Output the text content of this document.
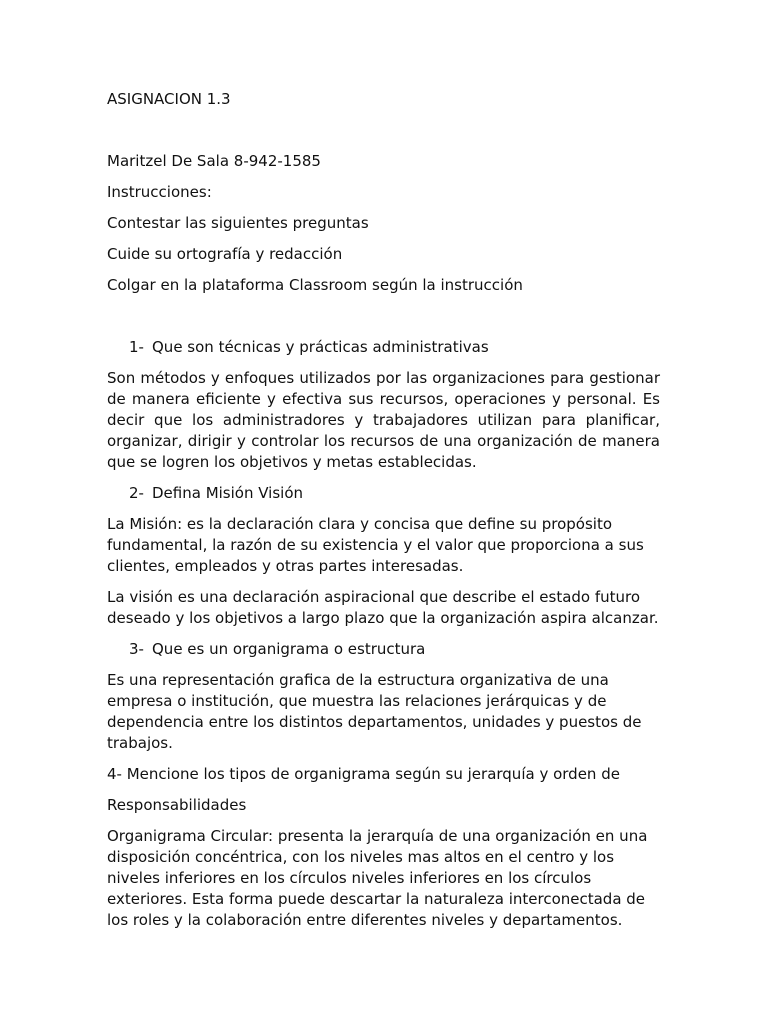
ASIGNACION 1.3

Maritzel De Sala 8-942-1585

Instrucciones:

Contestar las siguientes preguntas

Cuide su ortografía y redacción

Colgar en la plataforma Classroom según la instrucción

1- Que son técnicas y prácticas administrativas

Son métodos y enfoques utilizados por las organizaciones para gestionar de manera eficiente y efectiva sus recursos, operaciones y personal. Es decir que los administradores y trabajadores utilizan para planificar, organizar, dirigir y controlar los recursos de una organización de manera que se logren los objetivos y metas establecidas.

2- Defina Misión Visión

La Misión: es la declaración clara y concisa que define su propósito fundamental, la razón de su existencia y el valor que proporciona a sus clientes, empleados y otras partes interesadas.

La visión es una declaración aspiracional que describe el estado futuro deseado y los objetivos a largo plazo que la organización aspira alcanzar.

3- Que es un organigrama o estructura

Es una representación grafica de la estructura organizativa de una empresa o institución, que muestra las relaciones jerárquicas y de dependencia entre los distintos departamentos, unidades y puestos de trabajos.

4- Mencione los tipos de organigrama según su jerarquía y orden de

Responsabilidades

Organigrama Circular: presenta la jerarquía de una organización en una disposición concéntrica, con los niveles mas altos en el centro y los niveles inferiores en los círculos niveles inferiores en los círculos exteriores. Esta forma puede descartar la naturaleza interconectada de los roles y la colaboración entre diferentes niveles y departamentos.
